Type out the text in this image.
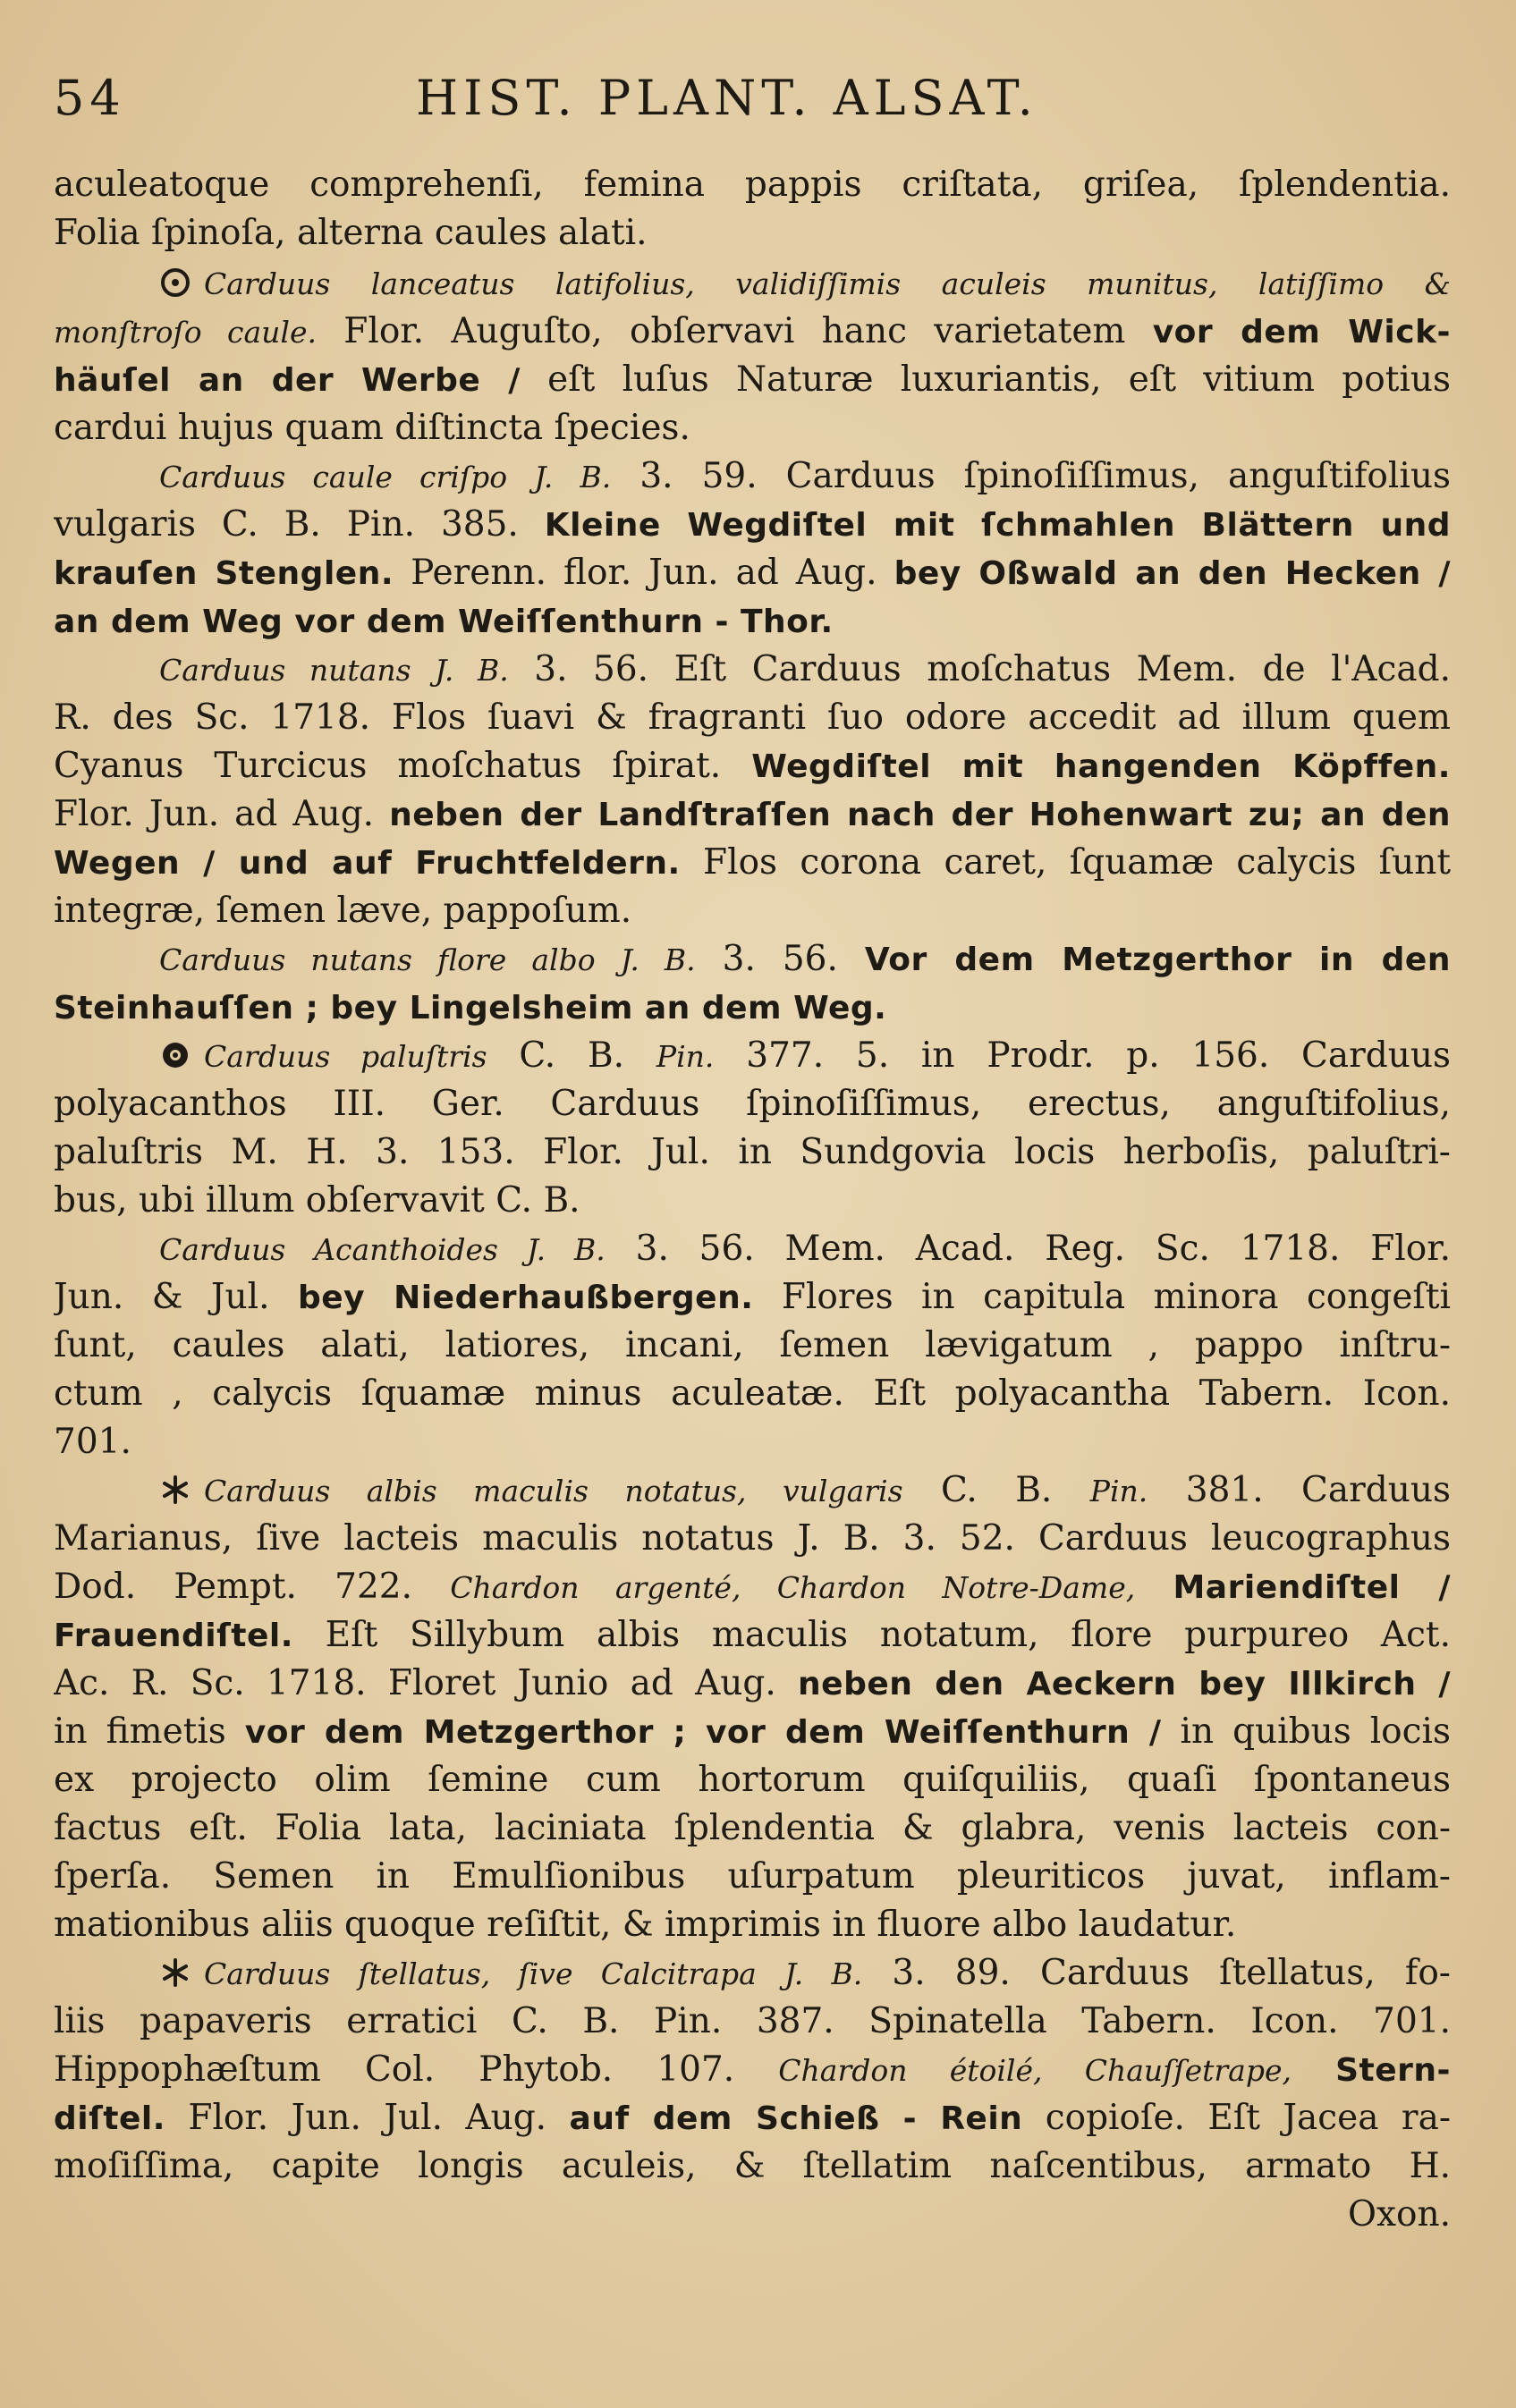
54	HIST. PLANT. ALSAT.
aculeatoque comprehenſi, femina pappis criſtata, griſea, ſplendentia.
Folia ſpinoſa, alterna caules alati.
Carduus lanceatus latifolius, validiſſimis aculeis munitus, latiſſimo &
monſtroſo caule. Flor. Auguſto, obſervavi hanc varietatem vor dem Wick-
häuſel an der Werbe / eſt luſus Naturæ luxuriantis, eſt vitium potius
cardui hujus quam diſtincta ſpecies.
Carduus caule criſpo J. B. 3. 59. Carduus ſpinoſiſſimus, anguſtifolius
vulgaris C. B. Pin. 385. Kleine Wegdiſtel mit ſchmahlen Blättern und
krauſen Stenglen. Perenn. flor. Jun. ad Aug. bey Oßwald an den Hecken /
an dem Weg vor dem Weiſſenthurn - Thor.
Carduus nutans J. B. 3. 56. Eſt Carduus moſchatus Mem. de l'Acad.
R. des Sc. 1718. Flos ſuavi & fragranti ſuo odore accedit ad illum quem
Cyanus Turcicus moſchatus ſpirat. Wegdiſtel mit hangenden Köpffen.
Flor. Jun. ad Aug. neben der Landſtraſſen nach der Hohenwart zu; an den
Wegen / und auf Fruchtfeldern. Flos corona caret, ſquamæ calycis ſunt
integræ, ſemen læve, pappoſum.
Carduus nutans flore albo J. B. 3. 56. Vor dem Metzgerthor in den
Steinhauſſen ; bey Lingelsheim an dem Weg.
Carduus paluſtris C. B. Pin. 377. 5. in Prodr. p. 156. Carduus
polyacanthos III. Ger. Carduus ſpinoſiſſimus, erectus, anguſtifolius,
paluſtris M. H. 3. 153. Flor. Jul. in Sundgovia locis herboſis, paluſtri-
bus, ubi illum obſervavit C. B.
Carduus Acanthoides J. B. 3. 56. Mem. Acad. Reg. Sc. 1718. Flor.
Jun. & Jul. bey Niederhaußbergen. Flores in capitula minora congeſti
ſunt, caules alati, latiores, incani, ſemen lævigatum , pappo inſtru-
ctum , calycis ſquamæ minus aculeatæ. Eſt polyacantha Tabern. Icon.
701.
Carduus albis maculis notatus, vulgaris C. B. Pin. 381. Carduus
Marianus, ſive lacteis maculis notatus J. B. 3. 52. Carduus leucographus
Dod. Pempt. 722. Chardon argenté, Chardon Notre-Dame, Mariendiſtel /
Frauendiſtel. Eſt Sillybum albis maculis notatum, flore purpureo Act.
Ac. R. Sc. 1718. Floret Junio ad Aug. neben den Aeckern bey Illkirch /
in fimetis vor dem Metzgerthor ; vor dem Weiſſenthurn / in quibus locis
ex projecto olim ſemine cum hortorum quiſquiliis, quaſi ſpontaneus
factus eſt. Folia lata, laciniata ſplendentia & glabra, venis lacteis con-
ſperſa. Semen in Emulſionibus uſurpatum pleuriticos juvat, inflam-
mationibus aliis quoque reſiſtit, & imprimis in fluore albo laudatur.
Carduus ſtellatus, ſive Calcitrapa J. B. 3. 89. Carduus ſtellatus, fo-
liis papaveris erratici C. B. Pin. 387. Spinatella Tabern. Icon. 701.
Hippophæſtum Col. Phytob. 107. Chardon étoilé, Chauſſetrape, Stern-
diſtel. Flor. Jun. Jul. Aug. auf dem Schieß - Rein copioſe. Eſt Jacea ra-
moſiſſima, capite longis aculeis, & ſtellatim naſcentibus, armato H.
Oxon.
